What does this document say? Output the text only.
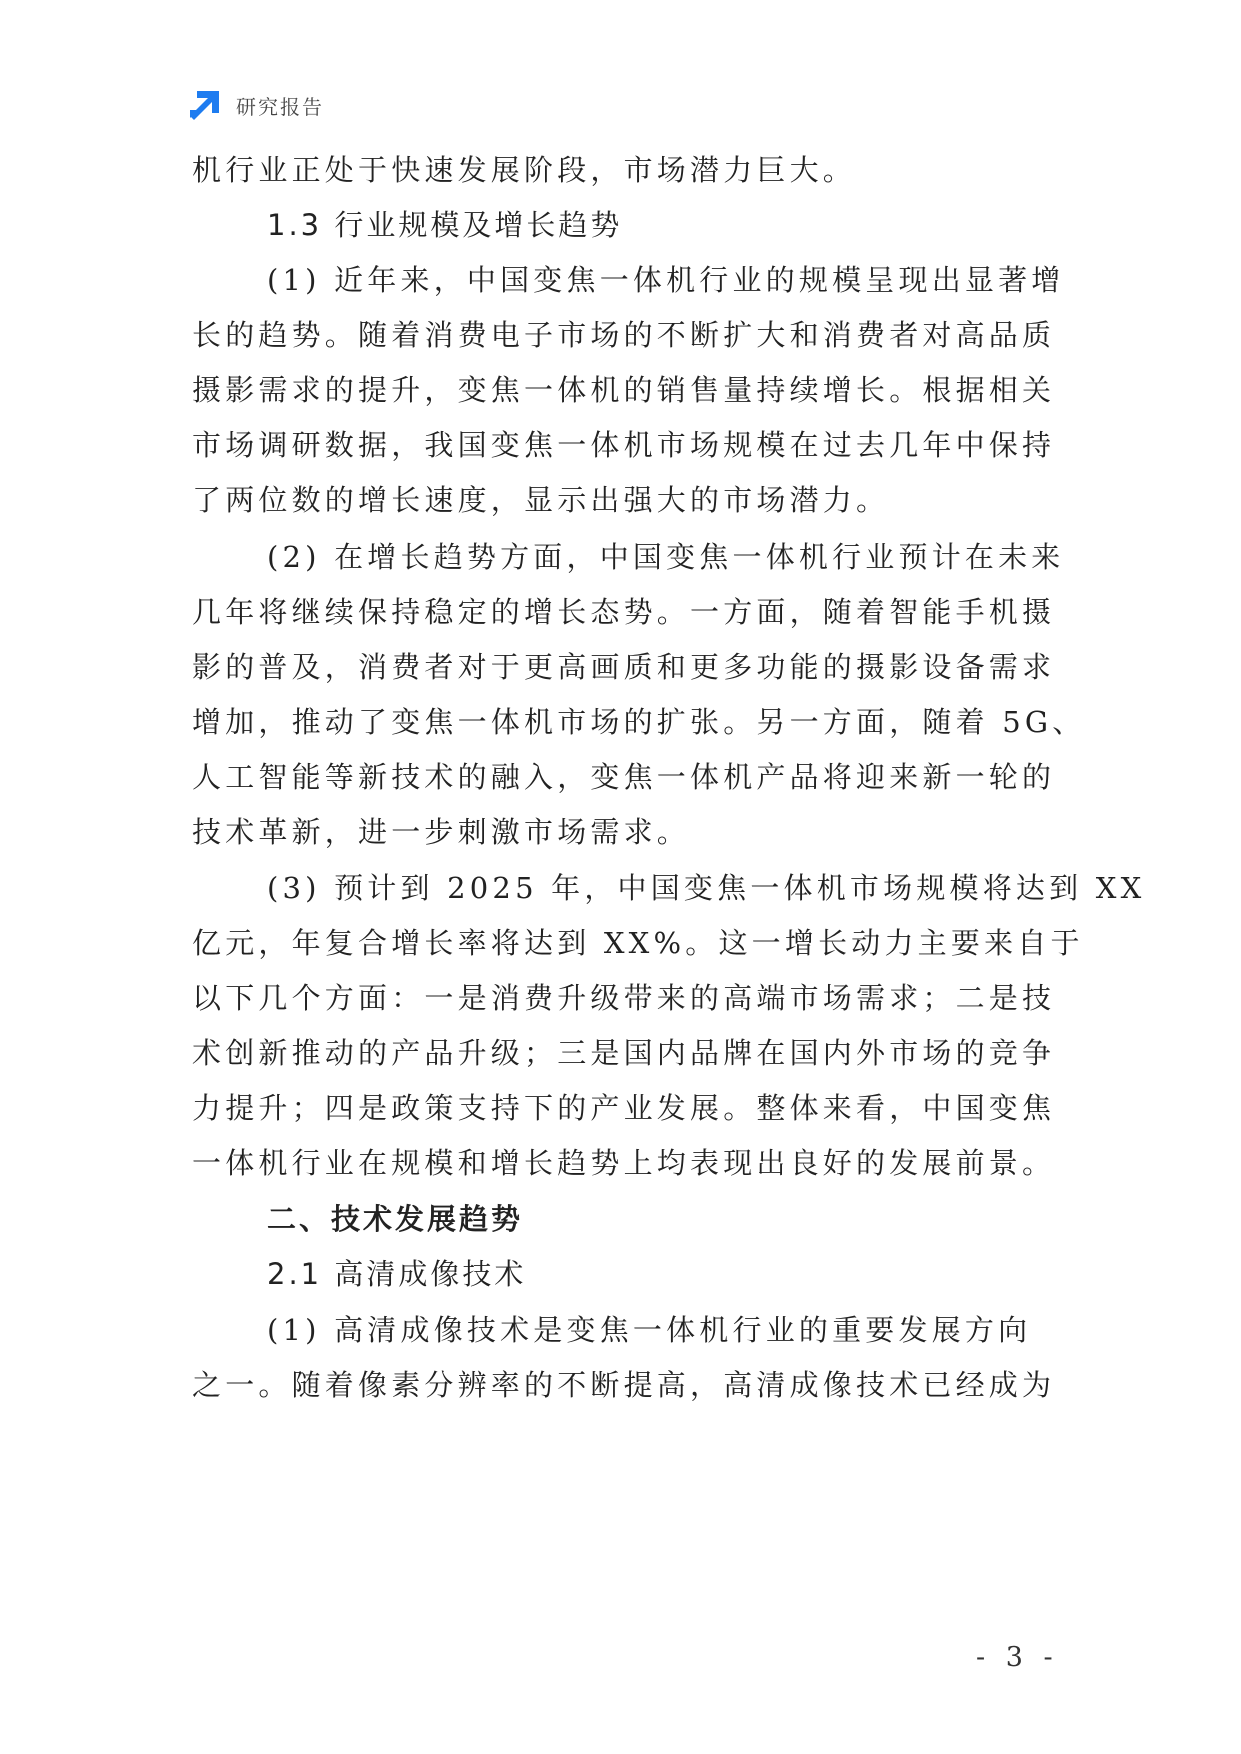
研究报告
机行业正处于快速发展阶段，市场潜力巨大。
1.3 行业规模及增长趋势
(1) 近年来，中国变焦一体机行业的规模呈现出显著增
长的趋势。随着消费电子市场的不断扩大和消费者对高品质
摄影需求的提升，变焦一体机的销售量持续增长。根据相关
市场调研数据，我国变焦一体机市场规模在过去几年中保持
了两位数的增长速度，显示出强大的市场潜力。
(2) 在增长趋势方面，中国变焦一体机行业预计在未来
几年将继续保持稳定的增长态势。一方面，随着智能手机摄
影的普及，消费者对于更高画质和更多功能的摄影设备需求
增加，推动了变焦一体机市场的扩张。另一方面，随着 5G、
人工智能等新技术的融入，变焦一体机产品将迎来新一轮的
技术革新，进一步刺激市场需求。
(3) 预计到 2025 年，中国变焦一体机市场规模将达到 XX
亿元，年复合增长率将达到 XX%。这一增长动力主要来自于
以下几个方面：一是消费升级带来的高端市场需求；二是技
术创新推动的产品升级；三是国内品牌在国内外市场的竞争
力提升；四是政策支持下的产业发展。整体来看，中国变焦
一体机行业在规模和增长趋势上均表现出良好的发展前景。
二、技术发展趋势
2.1 高清成像技术
(1) 高清成像技术是变焦一体机行业的重要发展方向
之一。随着像素分辨率的不断提高，高清成像技术已经成为
- 3 -
